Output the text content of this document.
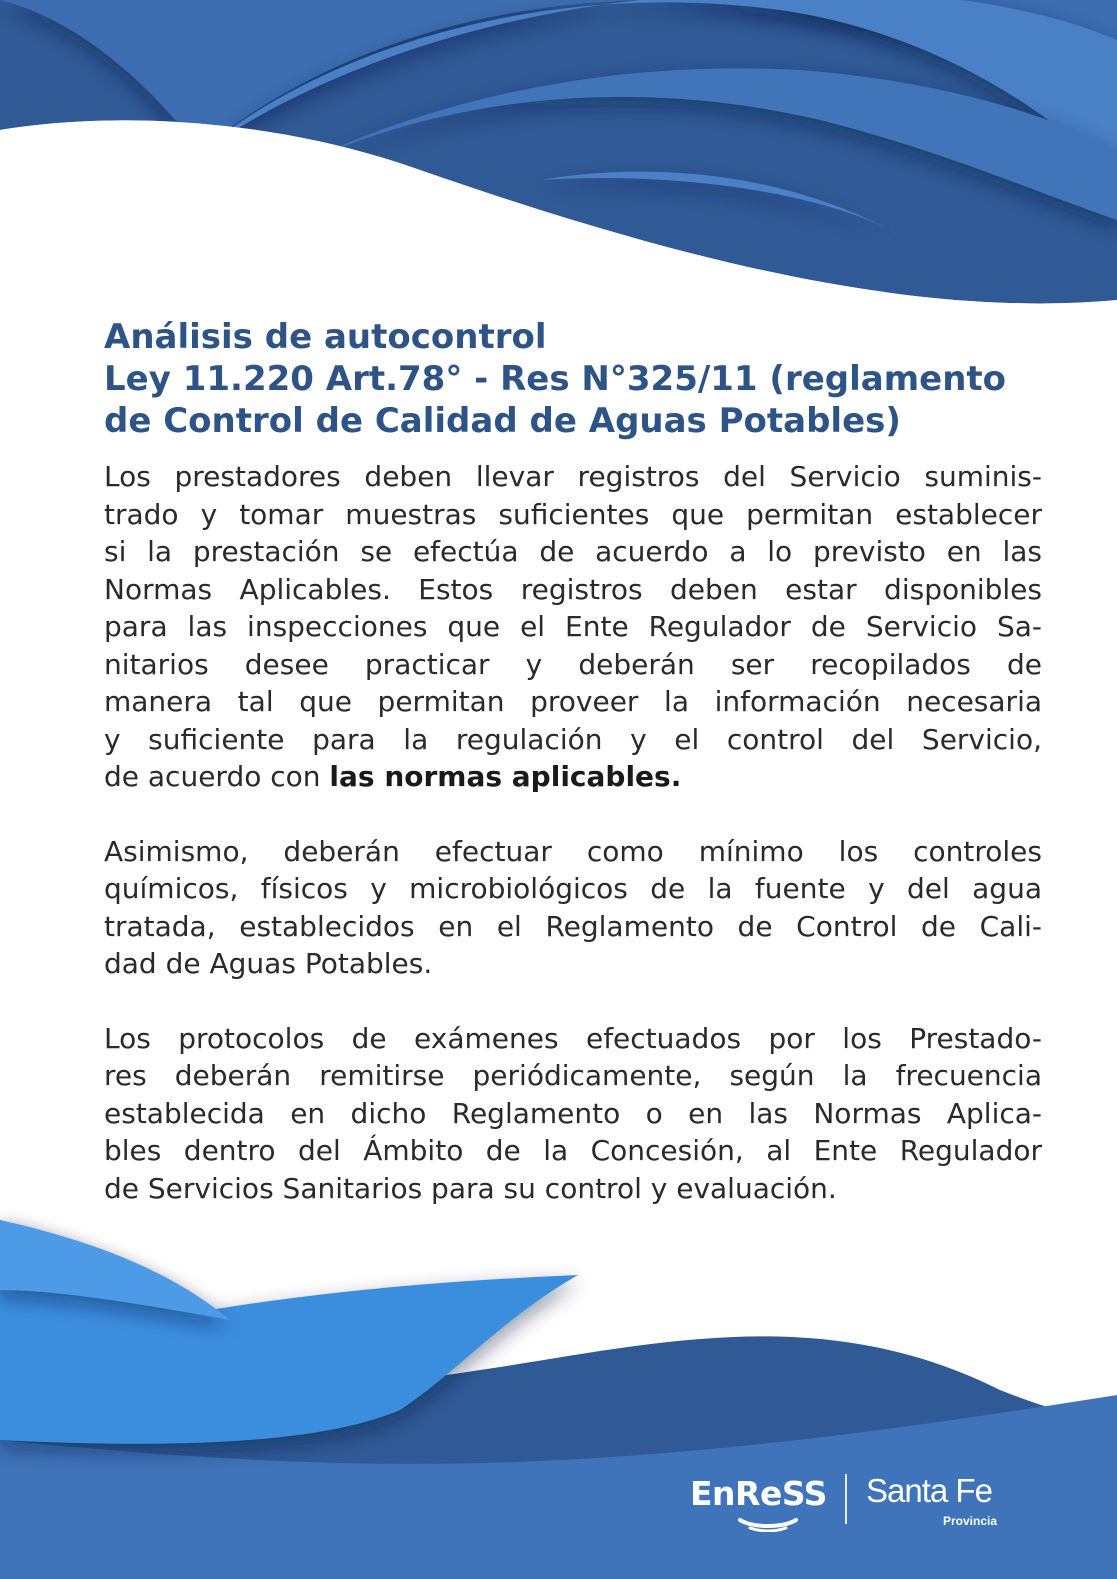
Análisis de autocontrol
Ley 11.220 Art.78° - Res N°325/11 (reglamento
de Control de Calidad de Aguas Potables)

Los prestadores deben llevar registros del Servicio suminis-
trado y tomar muestras suficientes que permitan establecer
si la prestación se efectúa de acuerdo a lo previsto en las
Normas Aplicables. Estos registros deben estar disponibles
para las inspecciones que el Ente Regulador de Servicio Sa-
nitarios desee practicar y deberán ser recopilados de
manera tal que permitan proveer la información necesaria
y suficiente para la regulación y el control del Servicio,
de acuerdo con las normas aplicables.

Asimismo, deberán efectuar como mínimo los controles
químicos, físicos y microbiológicos de la fuente y del agua
tratada, establecidos en el Reglamento de Control de Cali-
dad de Aguas Potables.

Los protocolos de exámenes efectuados por los Prestado-
res deberán remitirse periódicamente, según la frecuencia
establecida en dicho Reglamento o en las Normas Aplica-
bles dentro del Ámbito de la Concesión, al Ente Regulador
de Servicios Sanitarios para su control y evaluación.

EnReSS Santa Fe
Provincia
